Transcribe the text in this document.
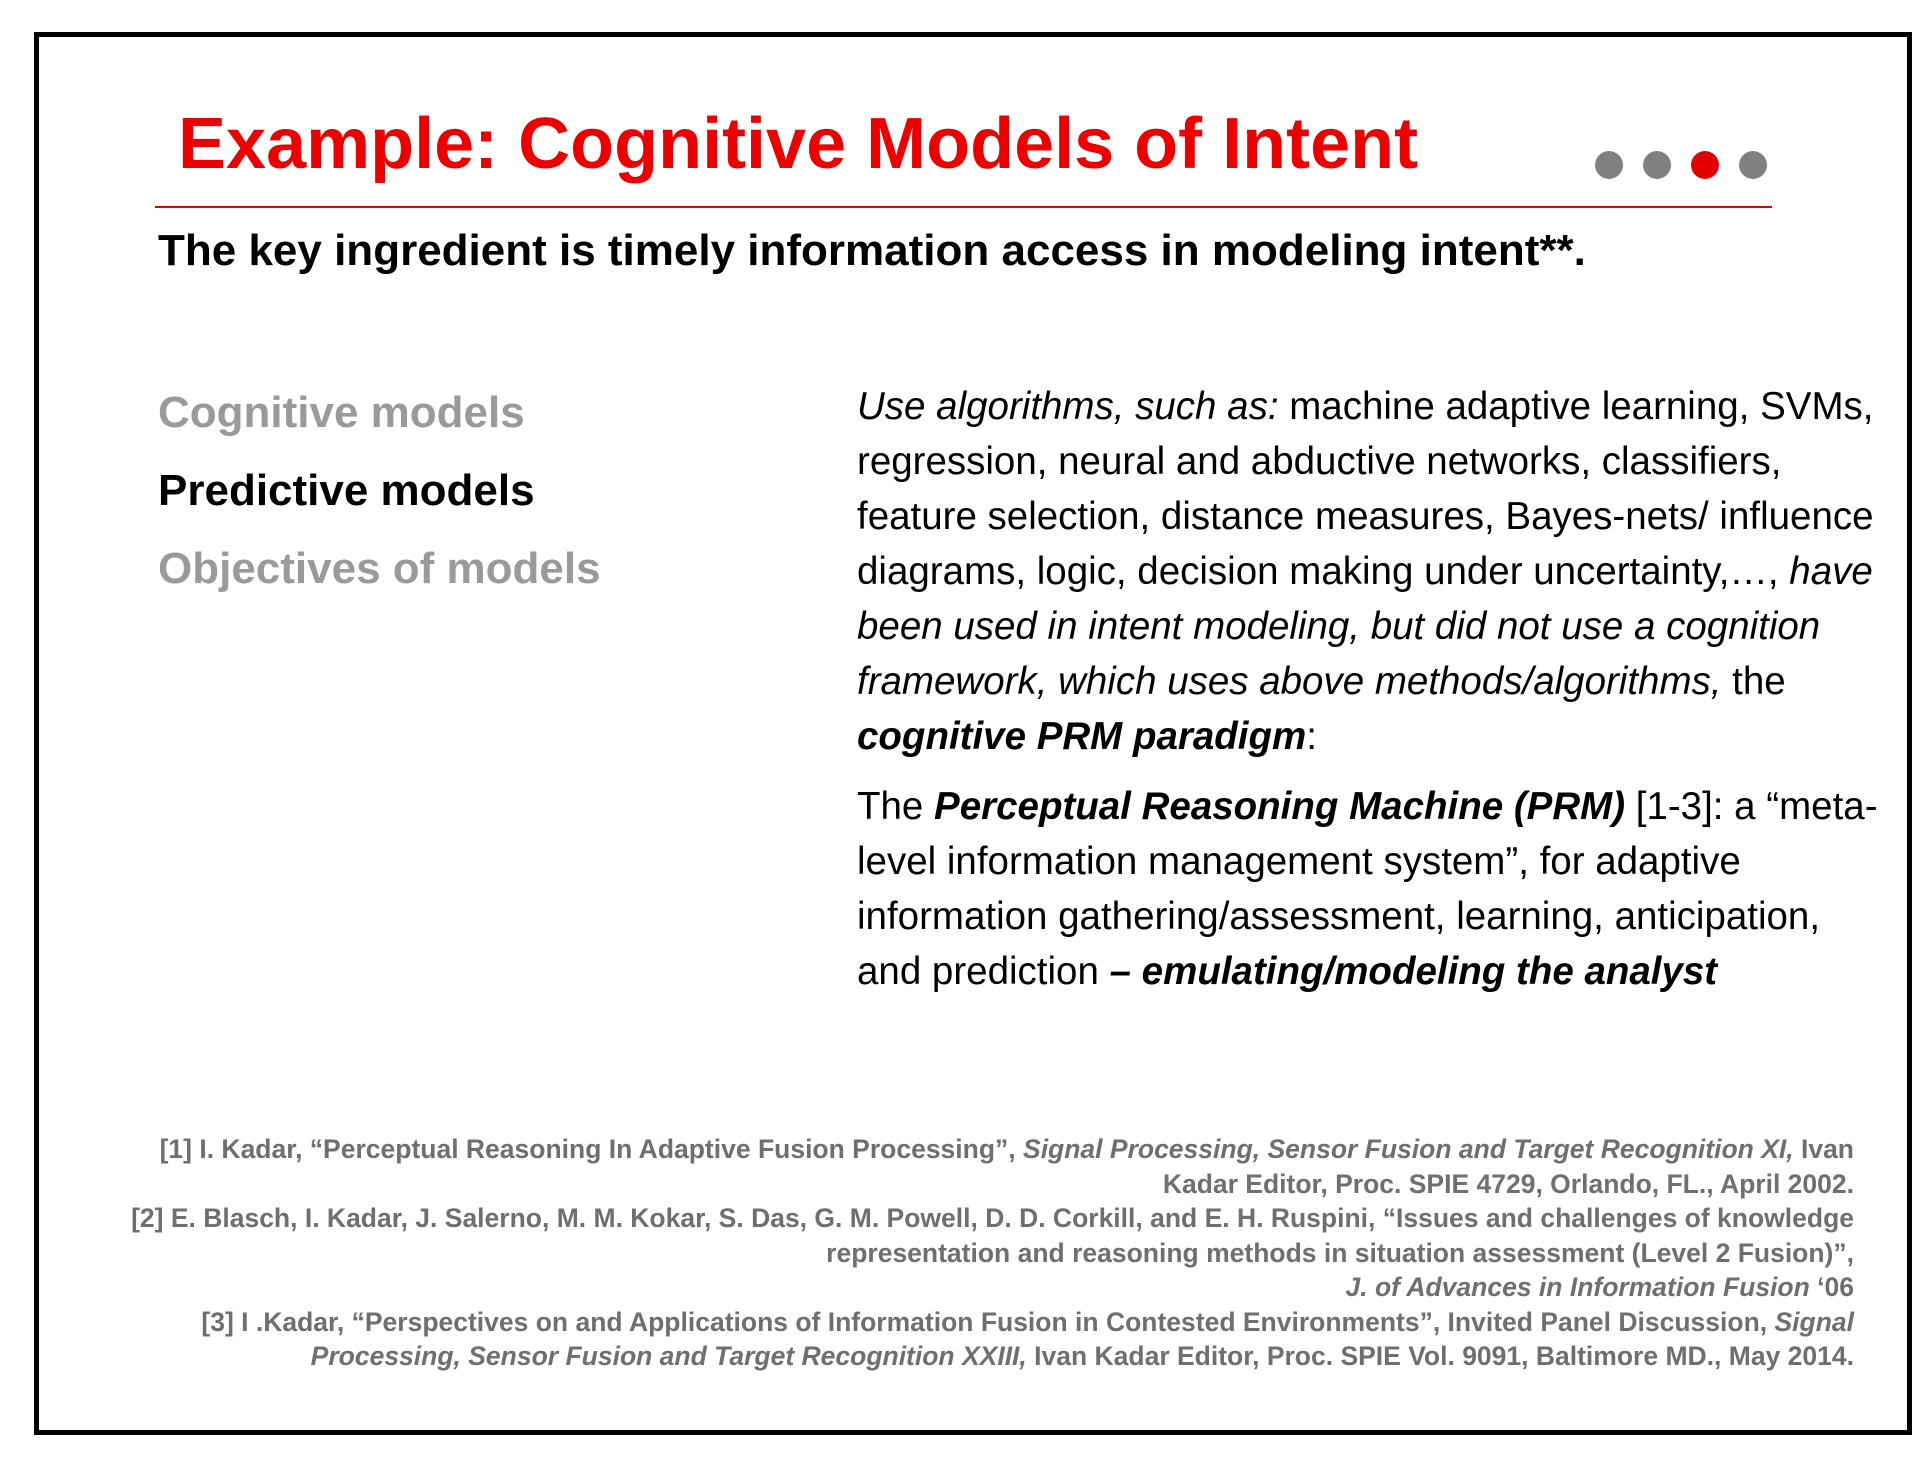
Example: Cognitive Models of Intent
The key ingredient is timely information access in modeling intent**.

Cognitive models

Predictive models

Objectives of models

Use algorithms, such as: machine adaptive learning, SVMs, regression, neural and abductive networks, classifiers, feature selection, distance measures, Bayes-nets/ influence diagrams, logic, decision making under uncertainty,…, have been used in intent modeling, but did not use a cognition framework, which uses above methods/algorithms, the cognitive PRM paradigm:

The Perceptual Reasoning Machine (PRM) [1-3]: a “meta-level information management system”, for adaptive information gathering/assessment, learning, anticipation, and prediction – emulating/modeling the analyst

[1] I. Kadar, “Perceptual Reasoning In Adaptive Fusion Processing”, Signal Processing, Sensor Fusion and Target Recognition XI, Ivan Kadar Editor, Proc. SPIE 4729, Orlando, FL., April 2002.

[2] E. Blasch, I. Kadar, J. Salerno, M. M. Kokar, S. Das, G. M. Powell, D. D. Corkill, and E. H. Ruspini, “Issues and challenges of knowledge representation and reasoning methods in situation assessment (Level 2 Fusion)”,
J. of Advances in Information Fusion ‘06

[3] I .Kadar, “Perspectives on and Applications of Information Fusion in Contested Environments”, Invited Panel Discussion, Signal Processing, Sensor Fusion and Target Recognition XXIII, Ivan Kadar Editor, Proc. SPIE Vol. 9091, Baltimore MD., May 2014.
